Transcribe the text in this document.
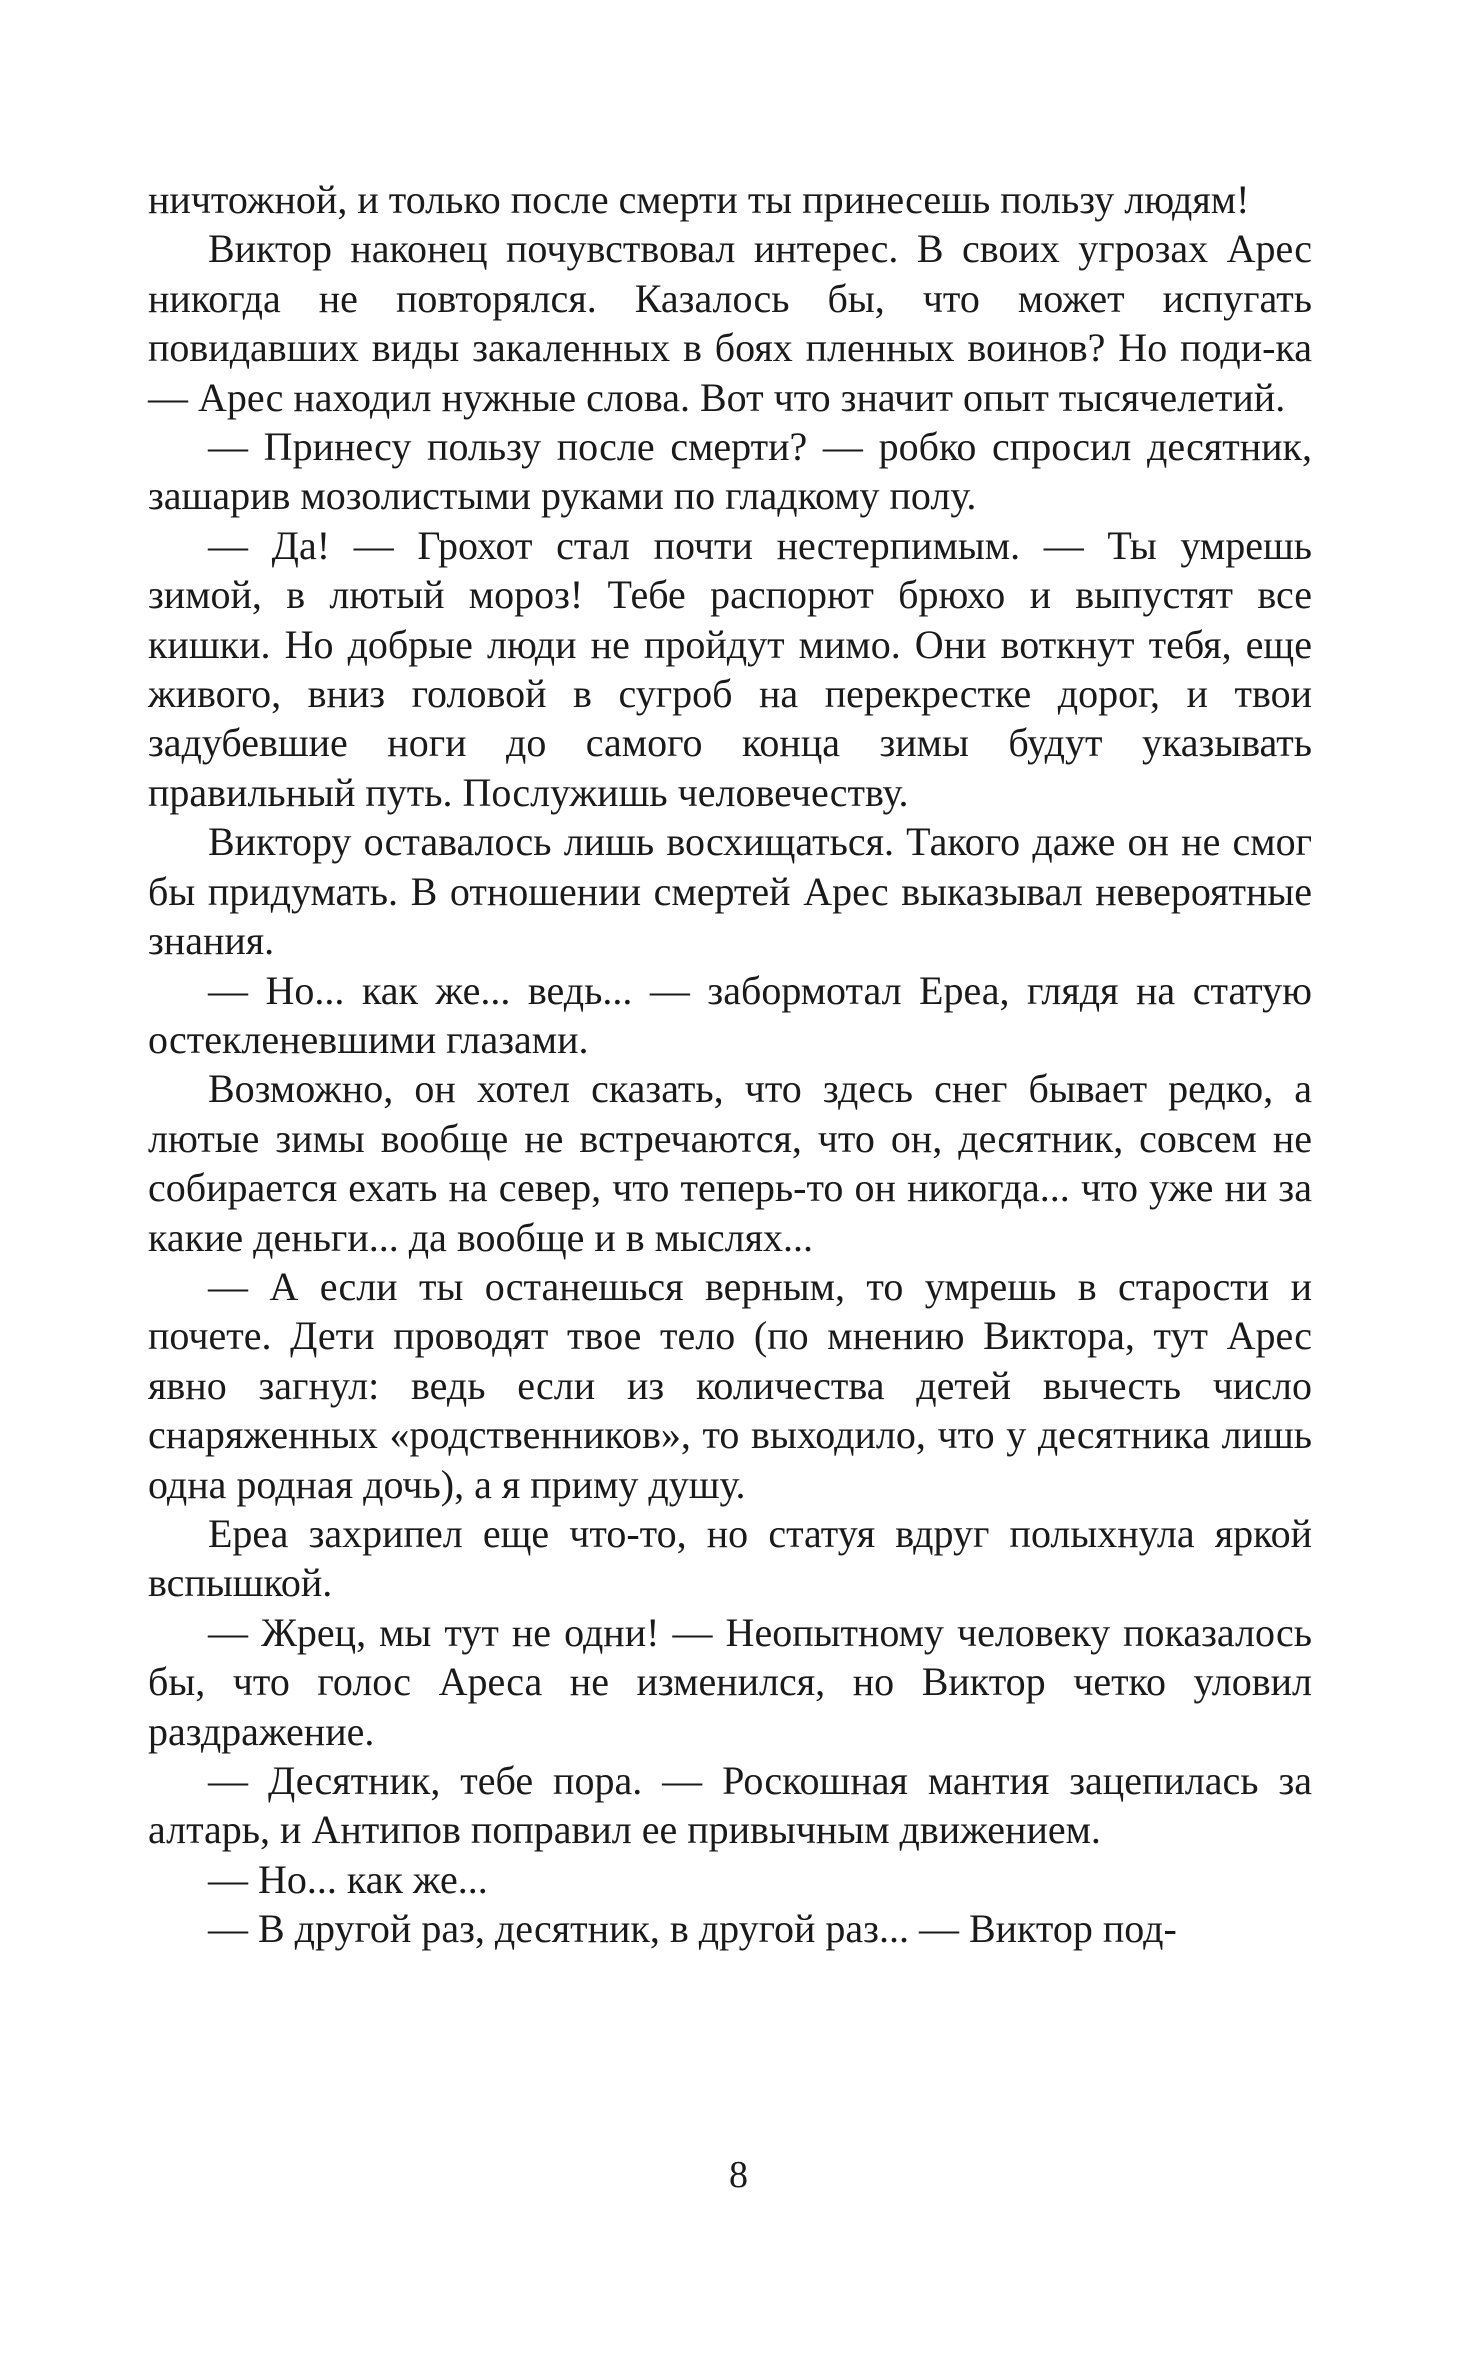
ничтожной, и только после смерти ты принесешь пользу людям!

Виктор наконец почувствовал интерес. В своих угрозах Арес никогда не повторялся. Казалось бы, что может испугать повидавших виды закаленных в боях пленных воинов? Но поди-ка — Арес находил нужные слова. Вот что значит опыт тысячелетий.

— Принесу пользу после смерти? — робко спросил десятник, зашарив мозолистыми руками по гладкому полу.

— Да! — Грохот стал почти нестерпимым. — Ты умрешь зимой, в лютый мороз! Тебе распорют брюхо и выпустят все кишки. Но добрые люди не пройдут мимо. Они воткнут тебя, еще живого, вниз головой в сугроб на перекрестке дорог, и твои задубевшие ноги до самого конца зимы будут указывать правильный путь. Послужишь человечеству.

Виктору оставалось лишь восхищаться. Такого даже он не смог бы придумать. В отношении смертей Арес выказывал невероятные знания.

— Но... как же... ведь... — забормотал Ереа, глядя на статую остекленевшими глазами.

Возможно, он хотел сказать, что здесь снег бывает редко, а лютые зимы вообще не встречаются, что он, десятник, совсем не собирается ехать на север, что теперь-то он никогда... что уже ни за какие деньги... да вообще и в мыслях...

— А если ты останешься верным, то умрешь в старости и почете. Дети проводят твое тело (по мнению Виктора, тут Арес явно загнул: ведь если из количества детей вычесть число снаряженных «родственников», то выходило, что у десятника лишь одна родная дочь), а я приму душу.

Ереа захрипел еще что-то, но статуя вдруг полыхнула яркой вспышкой.

— Жрец, мы тут не одни! — Неопытному человеку показалось бы, что голос Ареса не изменился, но Виктор четко уловил раздражение.

— Десятник, тебе пора. — Роскошная мантия зацепилась за алтарь, и Антипов поправил ее привычным движением.

— Но... как же...

— В другой раз, десятник, в другой раз... — Виктор под-

8
